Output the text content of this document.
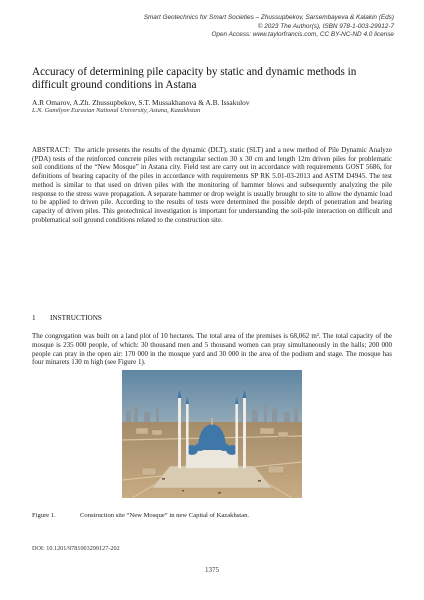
Smart Geotechnics for Smart Societies – Zhussupbekov, Sarsembayeva & Kalakin (Eds)
© 2023 The Author(s), ISBN 978-1-003-29912-7
Open Access: www.taylorfrancis.com, CC BY-NC-ND 4.0 license
Accuracy of determining pile capacity by static and dynamic methods in difficult ground conditions in Astana
A.R Omarov, A.Zh. Zhussupbekov, S.T. Mussakhanova & A.B. Issakulov
L.N. Gumilyov Eurasian National University, Astana, Kazakhstan
ABSTRACT: The article presents the results of the dynamic (DLT), static (SLT) and a new method of Pile Dynamic Analyze (PDA) tests of the reinforced concrete piles with rectangular section 30 x 30 cm and length 12m driven piles for problematic soil conditions of the “New Mosque” in Astana city. Field test are carry out in accordance with requirements GOST 5686, for definitions of bearing capacity of the piles in accordance with requirements SP RK 5.01-03-2013 and ASTM D4945. The test method is similar to that used on driven piles with the monitoring of hammer blows and subsequently analyzing the pile response to the stress wave propagation. A separate hammer or drop weight is usually brought to site to allow the dynamic load to be applied to driven pile. According to the results of tests were determined the possible depth of penetration and bearing capacity of driven piles. This geotechnical investigation is important for understanding the soil-pile interaction on difficult and problematical soil ground conditions related to the construction site.
1 INSTRUCTIONS
The congregation was built on a land plot of 10 hectares. The total area of the premises is 68,062 m². The total capacity of the mosque is 235 000 people, of which: 30 thousand men and 5 thousand women can pray simultaneously in the halls; 200 000 people can pray in the open air: 170 000 in the mosque yard and 30 000 in the area of the podium and stage. The mosque has four minarets 130 m high (see Figure 1).
Figure 1.	Construction site “New Mosque” in new Capital of Kazakhstan.
DOI: 10.1201/9781003299127-202
1375
